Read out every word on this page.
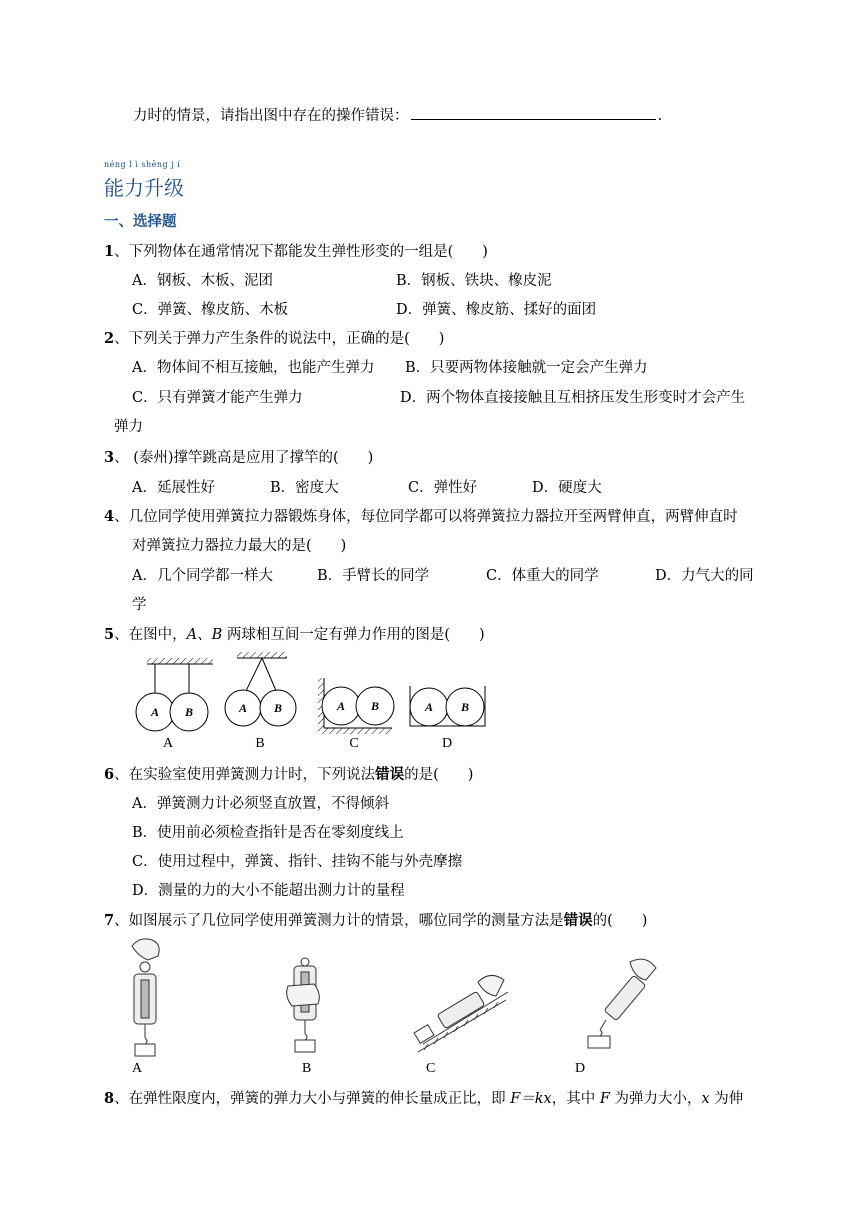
力时的情景，请指出图中存在的操作错误：	.
néng l ì shēng j í
能力升级
一、选择题
1、下列物体在通常情况下都能发生弹性形变的一组是(　　)
A．钢板、木板、泥团	B．钢板、铁块、橡皮泥
C．弹簧、橡皮筋、木板	D．弹簧、橡皮筋、揉好的面团
2、下列关于弹力产生条件的说法中，正确的是(　　)
A．物体间不相互接触，也能产生弹力 B．只要两物体接触就一定会产生弹力
C．只有弹簧才能产生弹力	D．两个物体直接接触且互相挤压发生形变时才会产生
弹力
3、 (泰州)撑竿跳高是应用了撑竿的(　　)
A．延展性好	B．密度大	C．弹性好	D．硬度大
4、几位同学使用弹簧拉力器锻炼身体，每位同学都可以将弹簧拉力器拉开至两臂伸直，两臂伸直时
对弹簧拉力器拉力最大的是(　　)
A．几个同学都一样大	B．手臂长的同学	C．体重大的同学	D．力气大的同
学
5、在图中，A、B 两球相互间一定有弹力作用的图是(　　)
A B
A
A B
B
A B
C
A B
D
6、在实验室使用弹簧测力计时，下列说法错误的是(　　)
A．弹簧测力计必须竖直放置，不得倾斜
B．使用前必须检查指针是否在零刻度线上
C．使用过程中，弹簧、指针、挂钩不能与外壳摩擦
D．测量的力的大小不能超出测力计的量程
7、如图展示了几位同学使用弹簧测力计的情景，哪位同学的测量方法是错误的(　　)
A	B	C	D
8、在弹性限度内，弹簧的弹力大小与弹簧的伸长量成正比，即 F＝kx，其中 F 为弹力大小，x 为伸
